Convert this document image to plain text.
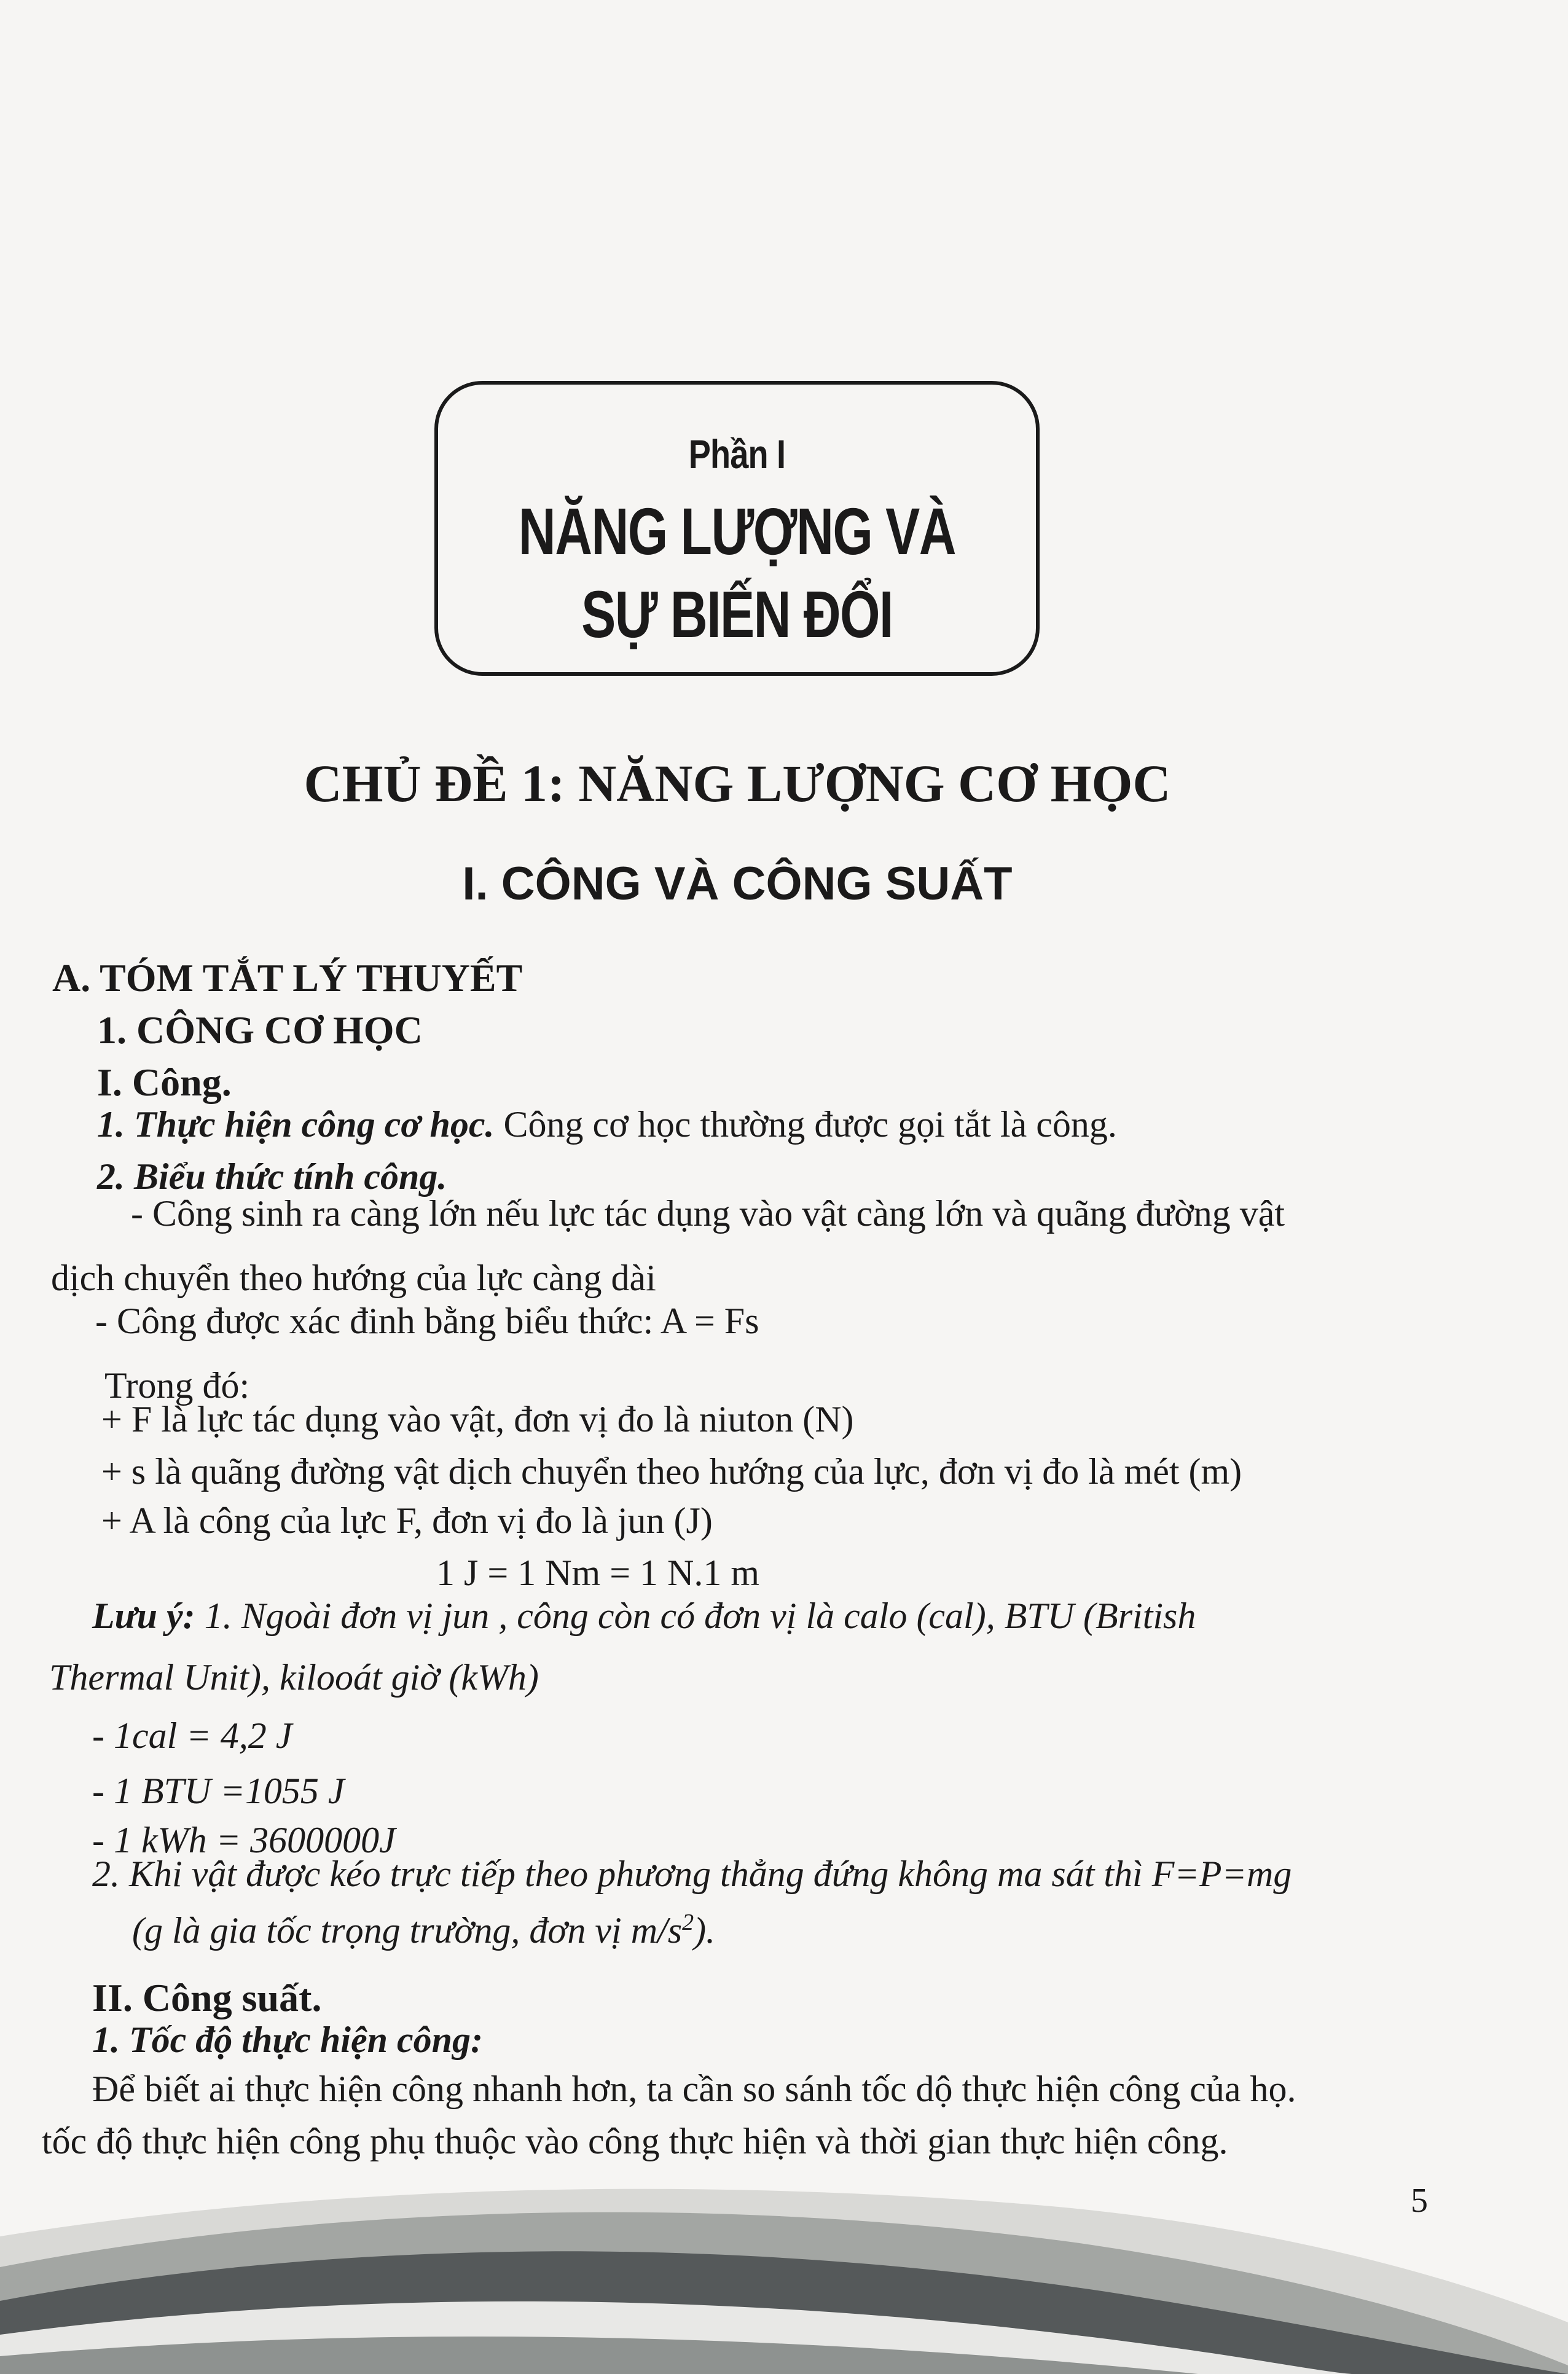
Phần I
NĂNG LƯỢNG VÀ
SỰ BIẾN ĐỔI
CHỦ ĐỀ 1: NĂNG LƯỢNG CƠ HỌC
I. CÔNG VÀ CÔNG SUẤT
A. TÓM TẮT LÝ THUYẾT
1. CÔNG CƠ HỌC
I. Công.
1. Thực hiện công cơ học. Công cơ học thường được gọi tắt là công.
2. Biểu thức tính công.
- Công sinh ra càng lớn nếu lực tác dụng vào vật càng lớn và quãng đường vật
dịch chuyển theo hướng của lực càng dài
- Công được xác đinh bằng biểu thức: A = Fs
Trong đó:
+ F là lực tác dụng vào vật, đơn vị đo là niuton (N)
+ s là quãng đường vật dịch chuyển theo hướng của lực, đơn vị đo là mét (m)
+ A là công của lực F, đơn vị đo là jun (J)
1 J = 1 Nm = 1 N.1 m
Lưu ý: 1. Ngoài đơn vị jun , công còn có đơn vị là calo (cal), BTU (British
Thermal Unit), kilooát giờ (kWh)
- 1cal = 4,2 J
- 1 BTU =1055 J
- 1 kWh = 3600000J
2. Khi vật được kéo trực tiếp theo phương thẳng đứng không ma sát thì F=P=mg
(g là gia tốc trọng trường, đơn vị $m/s^2$).
II. Công suất.
1. Tốc độ thực hiện công:
Để biết ai thực hiện công nhanh hơn, ta cần so sánh tốc dộ thực hiện công của họ.
tốc độ thực hiện công phụ thuộc vào công thực hiện và thời gian thực hiện công.
5
